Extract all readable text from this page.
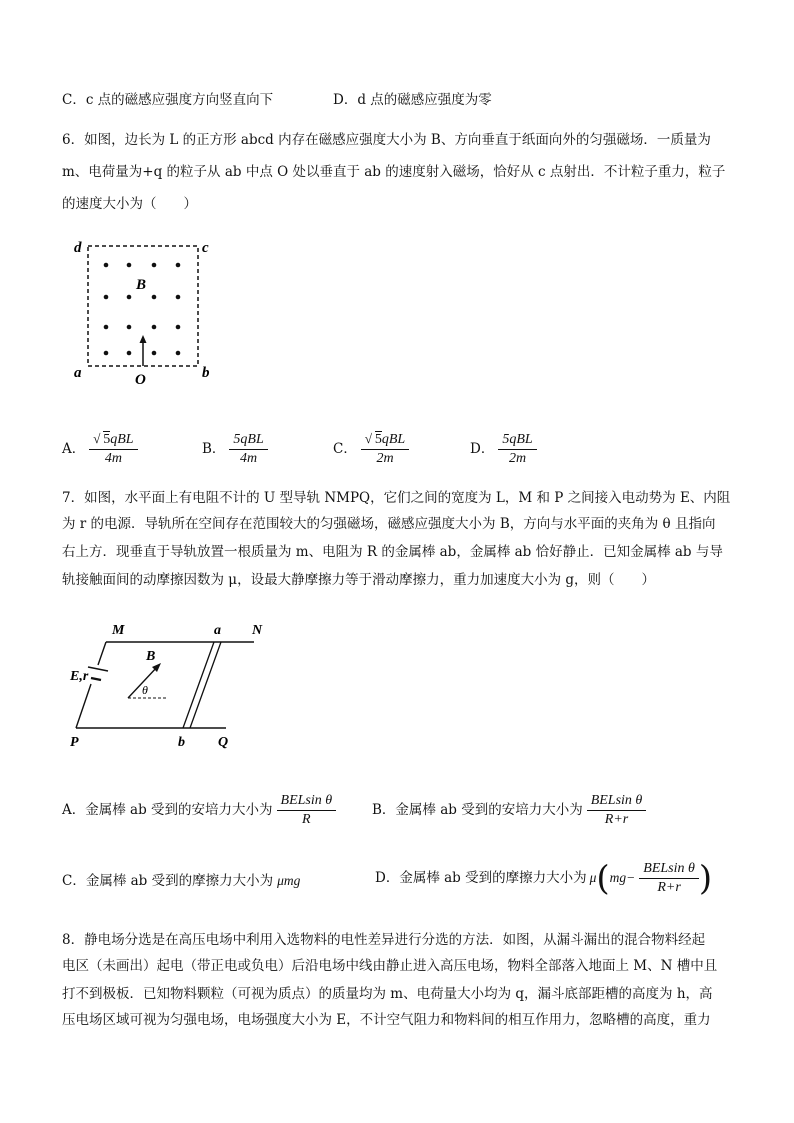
C．c 点的磁感应强度方向竖直向下	D．d 点的磁感应强度为零
6．如图，边长为 L 的正方形 abcd 内存在磁感应强度大小为 B、方向垂直于纸面向外的匀强磁场．一质量为
m、电荷量为+q 的粒子从 ab 中点 O 处以垂直于 ab 的速度射入磁场，恰好从 c 点射出．不计粒子重力，粒子
的速度大小为（　　）
d	c
a	b
B
O
A． $\frac{\text{√ 5qBL}}{4m}$	B． $\frac{\text{5qBL}}{4m}$	C． $\frac{\text{√ 5qBL}}{2m}$	D． $\frac{\text{5qBL}}{2m}$
7．如图，水平面上有电阻不计的 U 型导轨 NMPQ，它们之间的宽度为 L，M 和 P 之间接入电动势为 E、内阻
为 r 的电源．导轨所在空间存在范围较大的匀强磁场，磁感应强度大小为 B，方向与水平面的夹角为 θ 且指向
右上方．现垂直于导轨放置一根质量为 m、电阻为 R 的金属棒 ab，金属棒 ab 恰好静止．已知金属棒 ab 与导
轨接触面间的动摩擦因数为 μ，设最大静摩擦力等于滑动摩擦力，重力加速度大小为 g，则（　　）
M	a N
E,r
B
θ
P	b Q
A．金属棒 ab 受到的安培力大小为 $\frac{\text{BELsin θ}}{R}$	B．金属棒 ab 受到的安培力大小为 $\frac{\text{BELsin θ}}{R+r}$
C．金属棒 ab 受到的摩擦力大小为 μmg	D．金属棒 ab 受到的摩擦力大小为 $\mu(mg- \frac{\text{BELsin θ}}{R+r}$ )
8．静电场分选是在高压电场中利用入选物料的电性差异进行分选的方法．如图，从漏斗漏出的混合物料经起
电区（未画出）起电（带正电或负电）后沿电场中线由静止进入高压电场，物料全部落入地面上 M、N 槽中且
打不到极板．已知物料颗粒（可视为质点）的质量均为 m、电荷量大小均为 q，漏斗底部距槽的高度为 h，高
压电场区域可视为匀强电场，电场强度大小为 E，不计空气阻力和物料间的相互作用力，忽略槽的高度，重力
